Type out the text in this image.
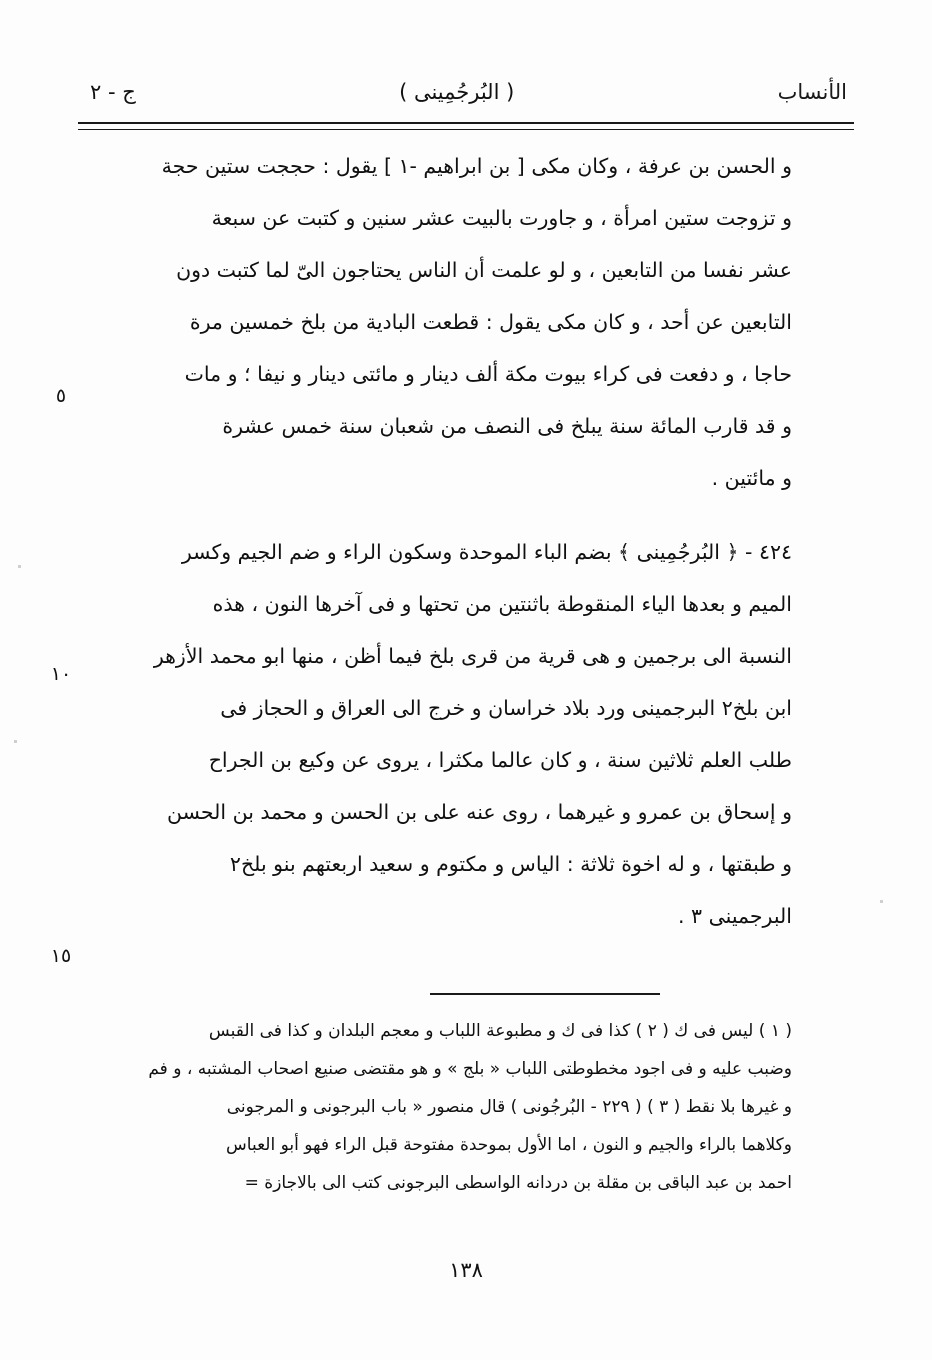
الأنساب
( البُرجُمِينى )
ج - ٢
٥
١٠
١٥
و الحسن بن عرفة ، وكان مكى [ بن ابراهيم -١ ] يقول : حججت ستين حجة
و تزوجت ستين امرأة ، و جاورت بالبيت عشر سنين و كتبت عن سبعة
عشر نفسا من التابعين ، و لو علمت أن الناس يحتاجون الىّ لما كتبت دون
التابعين عن أحد ، و كان مكى يقول : قطعت البادية من بلخ خمسين مرة
حاجا ، و دفعت فى كراء بيوت مكة ألف دينار و مائتى دينار و نيفا ؛ و مات
و قد قارب المائة سنة يبلخ فى النصف من شعبان سنة خمس عشرة
و مائتين .
٤٢٤ - ﴿ البُرجُمِينى ﴾ بضم الباء الموحدة وسكون الراء و ضم الجيم وكسر
الميم و بعدها الياء المنقوطة باثنتين من تحتها و فى آخرها النون ، هذه
النسبة الى برجمين و هى قرية من قرى بلخ فيما أظن ، منها ابو محمد الأزهر
ابن بلخ٢ البرجمينى ورد بلاد خراسان و خرج الى العراق و الحجاز فى
طلب العلم ثلاثين سنة ، و كان عالما مكثرا ، يروى عن وكيع بن الجراح
و إسحاق بن عمرو و غيرهما ، روى عنه على بن الحسن و محمد بن الحسن
و طبقتها ، و له اخوة ثلاثة : الياس و مكتوم و سعيد اربعتهم بنو بلخ٢
البرجمينى ٣ .
( ١ ) ليس فى ك ( ٢ ) كذا فى ك و مطبوعة اللباب و معجم البلدان و كذا فى القبس
وضبب عليه و فى اجود مخطوطتى اللباب « بلج » و هو مقتضى صنيع اصحاب المشتبه ، و فم
و غيرها بلا نقط ( ٣ ) ( ٢٢٩ - البُرجُونى ) قال منصور « باب البرجونى و المرجونى
وكلاهما بالراء والجيم و النون ، اما الأول بموحدة مفتوحة قبل الراء فهو أبو العباس
احمد بن عبد الباقى بن مقلة بن دردانه الواسطى البرجونى كتب الى بالاجازة =
١٣٨
